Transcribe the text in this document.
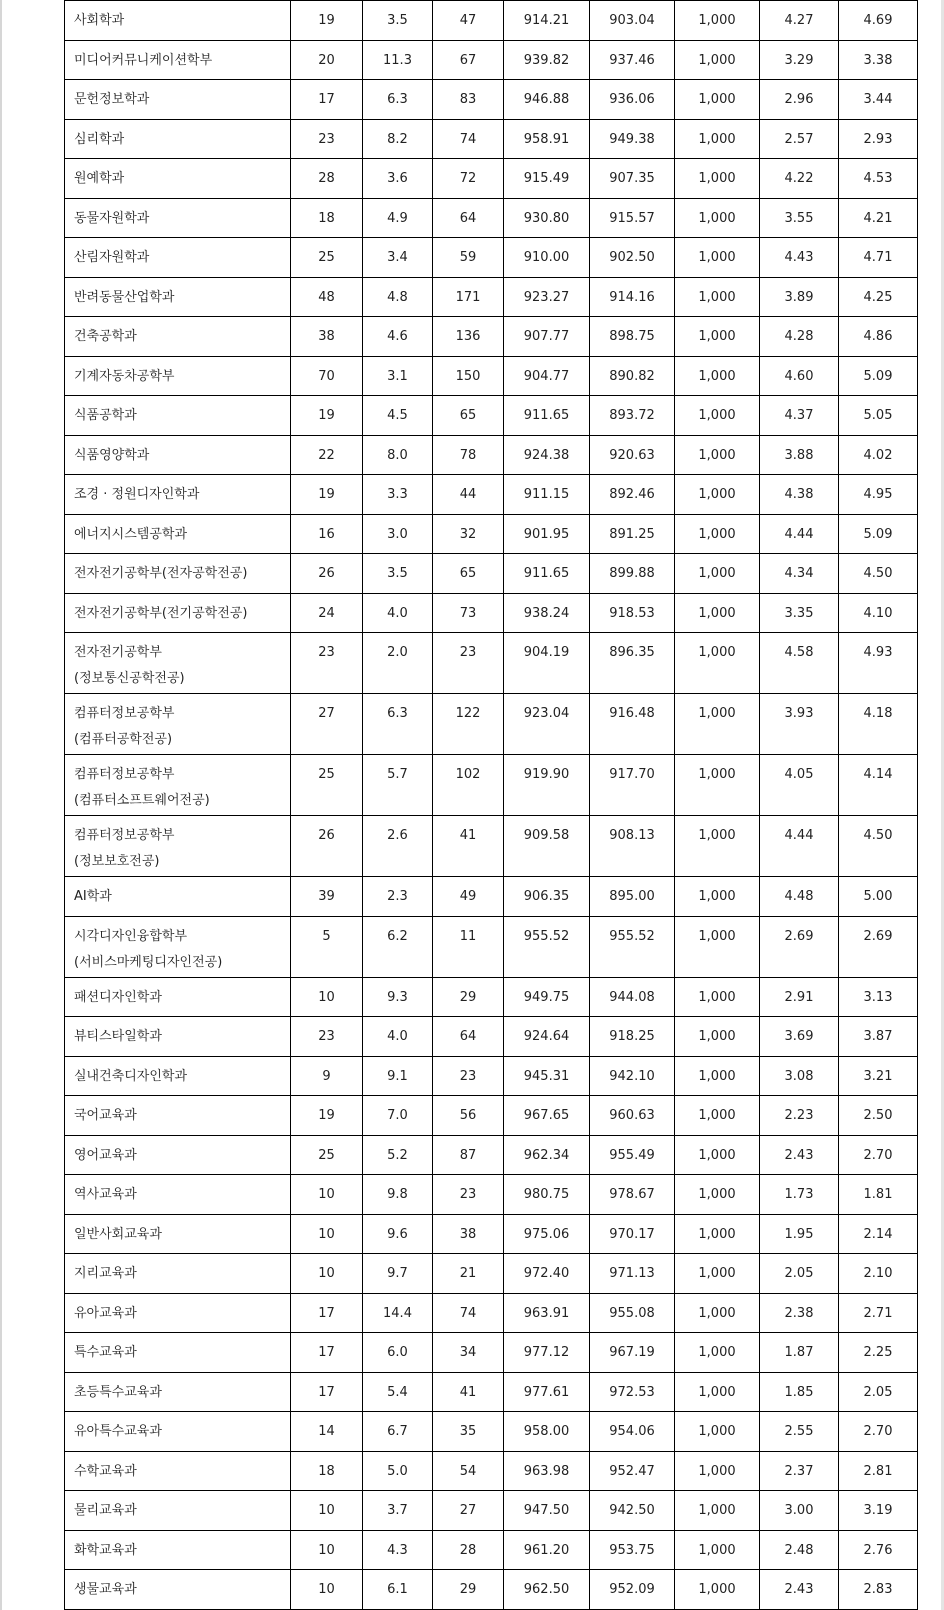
사회학과	19	3.5	47	914.21	903.04	1,000	4.27	4.69

미디어커뮤니케이션학부	20	11.3	67	939.82	937.46	1,000	3.29	3.38

문헌정보학과	17	6.3	83	946.88	936.06	1,000	2.96	3.44

심리학과	23	8.2	74	958.91	949.38	1,000	2.57	2.93

원예학과	28	3.6	72	915.49	907.35	1,000	4.22	4.53

동물자원학과	18	4.9	64	930.80	915.57	1,000	3.55	4.21

산림자원학과	25	3.4	59	910.00	902.50	1,000	4.43	4.71

반려동물산업학과	48	4.8	171	923.27	914.16	1,000	3.89	4.25

건축공학과	38	4.6	136	907.77	898.75	1,000	4.28	4.86

기계자동차공학부	70	3.1	150	904.77	890.82	1,000	4.60	5.09

식품공학과	19	4.5	65	911.65	893.72	1,000	4.37	5.05

식품영양학과	22	8.0	78	924.38	920.63	1,000	3.88	4.02

조경 · 정원디자인학과	19	3.3	44	911.15	892.46	1,000	4.38	4.95

에너지시스템공학과	16	3.0	32	901.95	891.25	1,000	4.44	5.09

전자전기공학부(전자공학전공)	26	3.5	65	911.65	899.88	1,000	4.34	4.50

전자전기공학부(전기공학전공)	24	4.0	73	938.24	918.53	1,000	3.35	4.10

전자전기공학부
(정보통신공학전공)	23	2.0	23	904.19	896.35	1,000	4.58	4.93

컴퓨터정보공학부
(컴퓨터공학전공)	27	6.3	122	923.04	916.48	1,000	3.93	4.18

컴퓨터정보공학부
(컴퓨터소프트웨어전공)	25	5.7	102	919.90	917.70	1,000	4.05	4.14

컴퓨터정보공학부
(정보보호전공)	26	2.6	41	909.58	908.13	1,000	4.44	4.50

AI학과	39	2.3	49	906.35	895.00	1,000	4.48	5.00

시각디자인융합학부
(서비스마케팅디자인전공)	5	6.2	11	955.52	955.52	1,000	2.69	2.69

패션디자인학과	10	9.3	29	949.75	944.08	1,000	2.91	3.13

뷰티스타일학과	23	4.0	64	924.64	918.25	1,000	3.69	3.87

실내건축디자인학과	9	9.1	23	945.31	942.10	1,000	3.08	3.21

국어교육과	19	7.0	56	967.65	960.63	1,000	2.23	2.50

영어교육과	25	5.2	87	962.34	955.49	1,000	2.43	2.70

역사교육과	10	9.8	23	980.75	978.67	1,000	1.73	1.81

일반사회교육과	10	9.6	38	975.06	970.17	1,000	1.95	2.14

지리교육과	10	9.7	21	972.40	971.13	1,000	2.05	2.10

유아교육과	17	14.4	74	963.91	955.08	1,000	2.38	2.71

특수교육과	17	6.0	34	977.12	967.19	1,000	1.87	2.25

초등특수교육과	17	5.4	41	977.61	972.53	1,000	1.85	2.05

유아특수교육과	14	6.7	35	958.00	954.06	1,000	2.55	2.70

수학교육과	18	5.0	54	963.98	952.47	1,000	2.37	2.81

물리교육과	10	3.7	27	947.50	942.50	1,000	3.00	3.19

화학교육과	10	4.3	28	961.20	953.75	1,000	2.48	2.76

생물교육과	10	6.1	29	962.50	952.09	1,000	2.43	2.83
